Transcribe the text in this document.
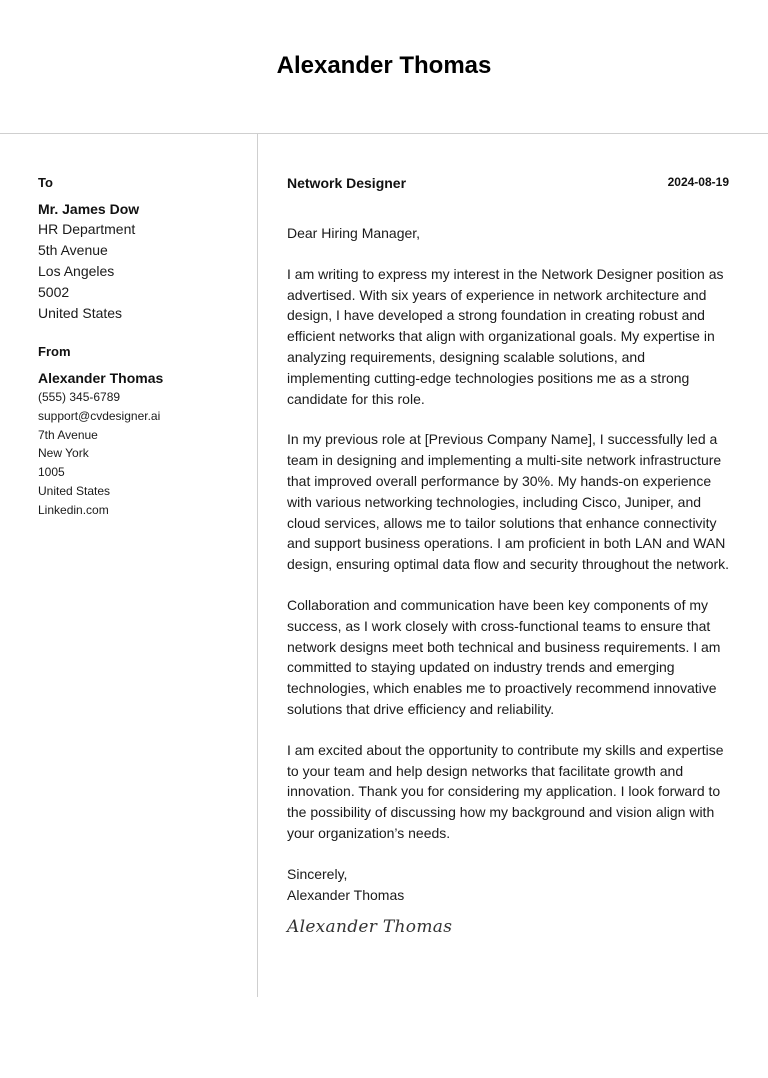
Alexander Thomas
To
Mr. James Dow
HR Department
5th Avenue
Los Angeles
5002
United States
From
Alexander Thomas
(555) 345-6789
support@cvdesigner.ai
7th Avenue
New York
1005
United States
Linkedin.com
Network Designer	2024-08-19

Dear Hiring Manager,

I am writing to express my interest in the Network Designer position as advertised. With six years of experience in network architecture and design, I have developed a strong foundation in creating robust and efficient networks that align with organizational goals. My expertise in analyzing requirements, designing scalable solutions, and implementing cutting-edge technologies positions me as a strong candidate for this role.

In my previous role at [Previous Company Name], I successfully led a team in designing and implementing a multi-site network infrastructure that improved overall performance by 30%. My hands-on experience with various networking technologies, including Cisco, Juniper, and cloud services, allows me to tailor solutions that enhance connectivity and support business operations. I am proficient in both LAN and WAN design, ensuring optimal data flow and security throughout the network.

Collaboration and communication have been key components of my success, as I work closely with cross-functional teams to ensure that network designs meet both technical and business requirements. I am committed to staying updated on industry trends and emerging technologies, which enables me to proactively recommend innovative solutions that drive efficiency and reliability.

I am excited about the opportunity to contribute my skills and expertise to your team and help design networks that facilitate growth and innovation. Thank you for considering my application. I look forward to the possibility of discussing how my background and vision align with your organization’s needs.

Sincerely,

Alexander Thomas

Alexander Thomas
